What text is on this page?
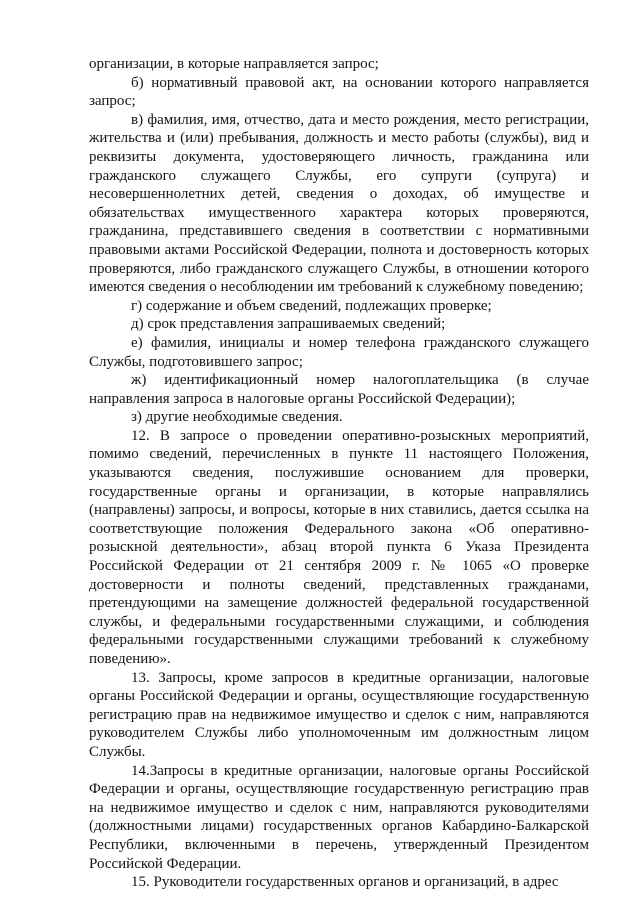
организации, в которые направляется запрос;

б) нормативный правовой акт, на основании которого направляется запрос;

в) фамилия, имя, отчество, дата и место рождения, место регистрации, жительства и (или) пребывания, должность и место работы (службы), вид и реквизиты документа, удостоверяющего личность, гражданина или гражданского служащего Службы, его супруги (супруга) и несовершеннолетних детей, сведения о доходах, об имуществе и обязательствах имущественного характера которых проверяются, гражданина, представившего сведения в соответствии с нормативными правовыми актами Российской Федерации, полнота и достоверность которых проверяются, либо гражданского служащего Службы, в отношении которого имеются сведения о несоблюдении им требований к служебному поведению;

г) содержание и объем сведений, подлежащих проверке;

д) срок представления запрашиваемых сведений;

е) фамилия, инициалы и номер телефона гражданского служащего Службы, подготовившего запрос;

ж) идентификационный номер налогоплательщика (в случае направления запроса в налоговые органы Российской Федерации);

з) другие необходимые сведения.

12. В запросе о проведении оперативно-розыскных мероприятий, помимо сведений, перечисленных в пункте 11 настоящего Положения, указываются сведения, послужившие основанием для проверки, государственные органы и организации, в которые направлялись (направлены) запросы, и вопросы, которые в них ставились, дается ссылка на соответствующие положения Федерального закона «Об оперативно-розыскной деятельности», абзац второй пункта 6 Указа Президента Российской Федерации от 21 сентября 2009 г. № 1065 «О проверке достоверности и полноты сведений, представленных гражданами, претендующими на замещение должностей федеральной государственной службы, и федеральными государственными служащими, и соблюдения федеральными государственными служащими требований к служебному поведению».

13. Запросы, кроме запросов в кредитные организации, налоговые органы Российской Федерации и органы, осуществляющие государственную регистрацию прав на недвижимое имущество и сделок с ним, направляются руководителем Службы либо уполномоченным им должностным лицом Службы.

14.Запросы в кредитные организации, налоговые органы Российской Федерации и органы, осуществляющие государственную регистрацию прав на недвижимое имущество и сделок с ним, направляются руководителями (должностными лицами) государственных органов Кабардино-Балкарской Республики, включенными в перечень, утвержденный Президентом Российской Федерации.

15. Руководители государственных органов и организаций, в адрес
